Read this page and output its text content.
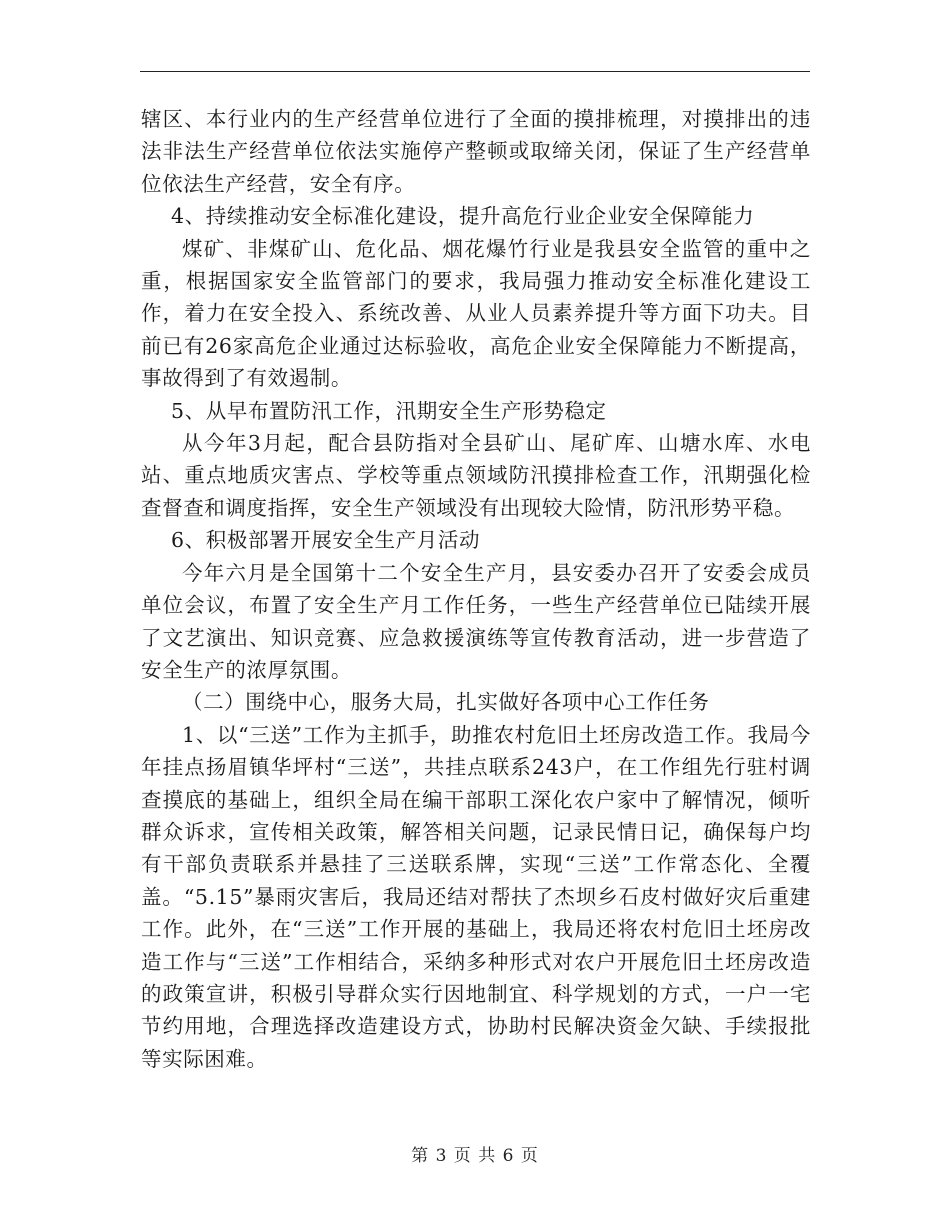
辖区、本行业内的生产经营单位进行了全面的摸排梳理，对摸排出的违法非法生产经营单位依法实施停产整顿或取缔关闭，保证了生产经营单位依法生产经营，安全有序。

4、持续推动安全标准化建设，提升高危行业企业安全保障能力

煤矿、非煤矿山、危化品、烟花爆竹行业是我县安全监管的重中之重，根据国家安全监管部门的要求，我局强力推动安全标准化建设工作，着力在安全投入、系统改善、从业人员素养提升等方面下功夫。目前已有26家高危企业通过达标验收，高危企业安全保障能力不断提高，事故得到了有效遏制。

5、从早布置防汛工作，汛期安全生产形势稳定

从今年3月起，配合县防指对全县矿山、尾矿库、山塘水库、水电站、重点地质灾害点、学校等重点领域防汛摸排检查工作，汛期强化检查督查和调度指挥，安全生产领域没有出现较大险情，防汛形势平稳。

6、积极部署开展安全生产月活动

今年六月是全国第十二个安全生产月，县安委办召开了安委会成员单位会议，布置了安全生产月工作任务，一些生产经营单位已陆续开展了文艺演出、知识竞赛、应急救援演练等宣传教育活动，进一步营造了安全生产的浓厚氛围。

（二）围绕中心，服务大局，扎实做好各项中心工作任务

1、以“三送”工作为主抓手，助推农村危旧土坯房改造工作。我局今年挂点扬眉镇华坪村“三送”，共挂点联系243户，在工作组先行驻村调查摸底的基础上，组织全局在编干部职工深化农户家中了解情况，倾听群众诉求，宣传相关政策，解答相关问题，记录民情日记，确保每户均有干部负责联系并悬挂了三送联系牌，实现“三送”工作常态化、全覆盖。“5.15”暴雨灾害后，我局还结对帮扶了杰坝乡石皮村做好灾后重建工作。此外，在“三送”工作开展的基础上，我局还将农村危旧土坯房改造工作与“三送”工作相结合，采纳多种形式对农户开展危旧土坯房改造的政策宣讲，积极引导群众实行因地制宜、科学规划的方式，一户一宅节约用地，合理选择改造建设方式，协助村民解决资金欠缺、手续报批等实际困难。

第 3 页 共 6 页
